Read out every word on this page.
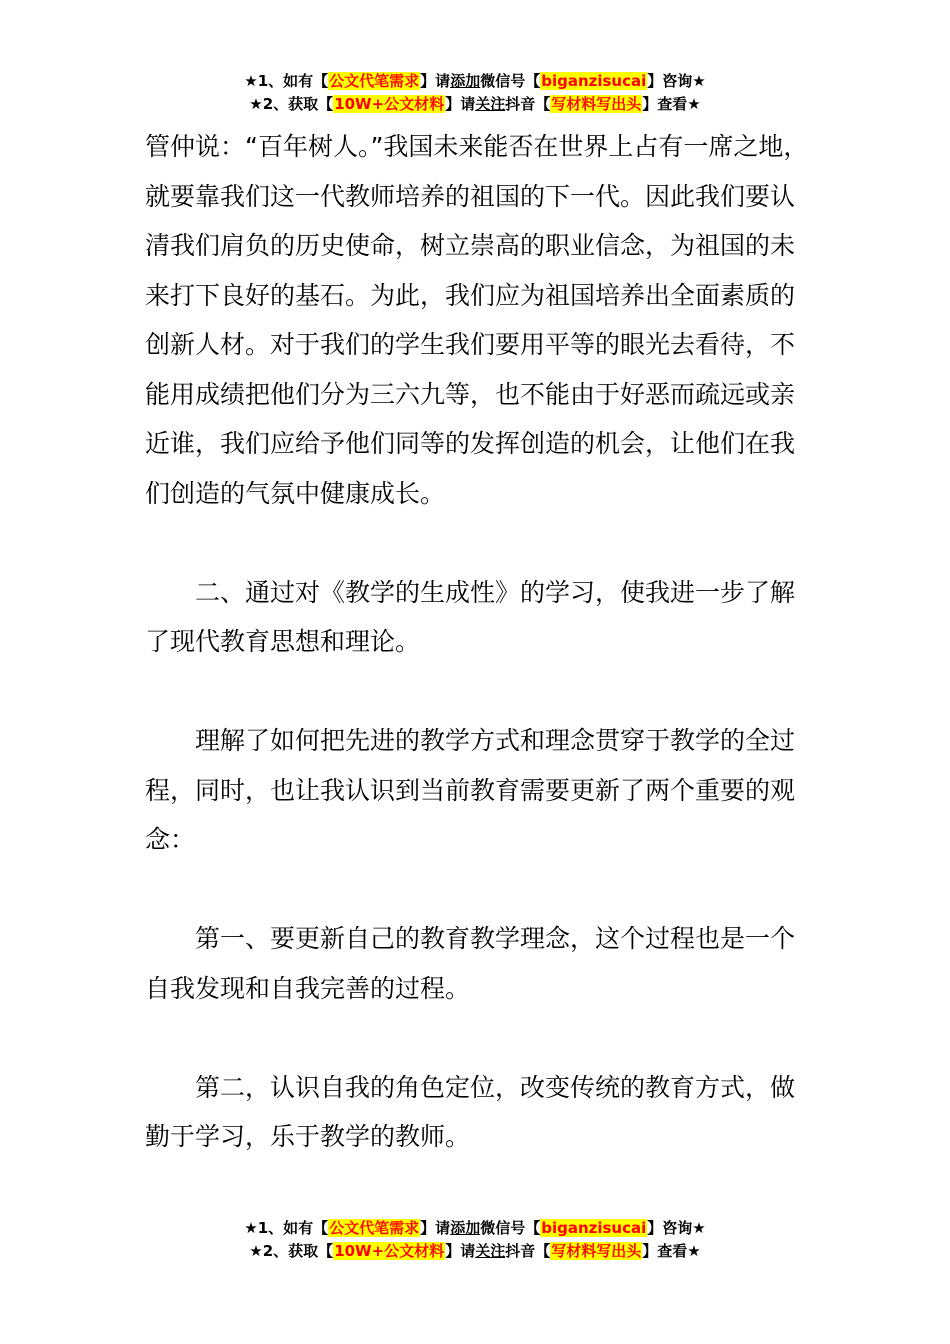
★1、如有【公文代笔需求】请添加微信号【biganzisucai】咨询★
★2、获取【10W+公文材料】请关注抖音【写材料写出头】查看★

管仲说：“百年树人。”我国未来能否在世界上占有一席之地，就要靠我们这一代教师培养的祖国的下一代。因此我们要认清我们肩负的历史使命，树立崇高的职业信念，为祖国的未来打下良好的基石。为此，我们应为祖国培养出全面素质的创新人材。对于我们的学生我们要用平等的眼光去看待，不能用成绩把他们分为三六九等，也不能由于好恶而疏远或亲近谁，我们应给予他们同等的发挥创造的机会，让他们在我们创造的气氛中健康成长。

二、通过对《教学的生成性》的学习，使我进一步了解了现代教育思想和理论。

理解了如何把先进的教学方式和理念贯穿于教学的全过程，同时，也让我认识到当前教育需要更新了两个重要的观念：

第一、要更新自己的教育教学理念，这个过程也是一个自我发现和自我完善的过程。

第二，认识自我的角色定位，改变传统的教育方式，做勤于学习，乐于教学的教师。

★1、如有【公文代笔需求】请添加微信号【biganzisucai】咨询★
★2、获取【10W+公文材料】请关注抖音【写材料写出头】查看★
